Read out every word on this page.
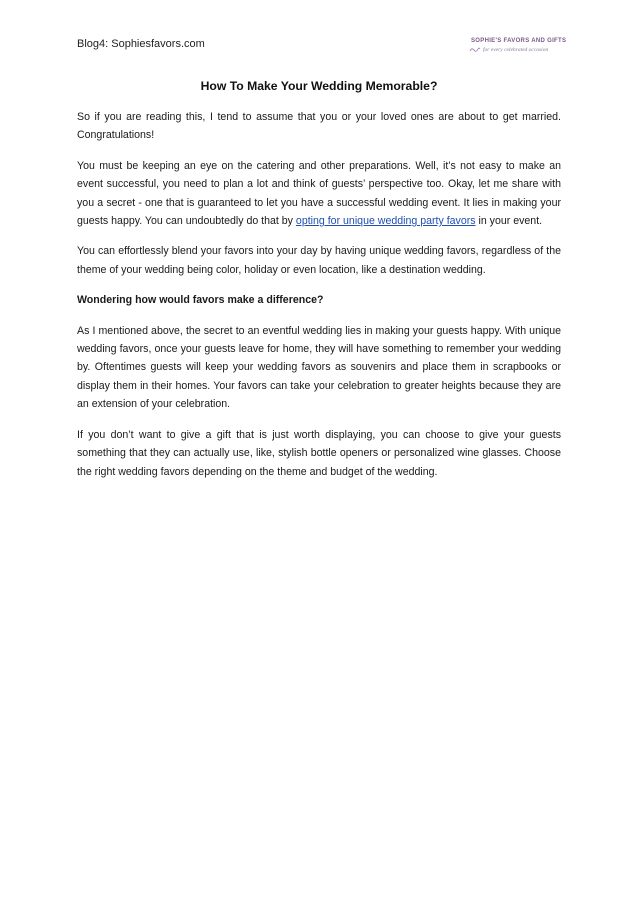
Blog4: Sophiesfavors.com	SOPHIE'S FAVORS AND GIFTS
for every celebrated occasion
How To Make Your Wedding Memorable?

So if you are reading this, I tend to assume that you or your loved ones are about to get married. Congratulations!

You must be keeping an eye on the catering and other preparations. Well, it’s not easy to make an event successful, you need to plan a lot and think of guests’ perspective too. Okay, let me share with you a secret - one that is guaranteed to let you have a successful wedding event. It lies in making your guests happy. You can undoubtedly do that by opting for unique wedding party favors in your event.

You can effortlessly blend your favors into your day by having unique wedding favors, regardless of the theme of your wedding being color, holiday or even location, like a destination wedding.

Wondering how would favors make a difference?

As I mentioned above, the secret to an eventful wedding lies in making your guests happy. With unique wedding favors, once your guests leave for home, they will have something to remember your wedding by. Oftentimes guests will keep your wedding favors as souvenirs and place them in scrapbooks or display them in their homes. Your favors can take your celebration to greater heights because they are an extension of your celebration.

If you don’t want to give a gift that is just worth displaying, you can choose to give your guests something that they can actually use, like, stylish bottle openers or personalized wine glasses. Choose the right wedding favors depending on the theme and budget of the wedding.
